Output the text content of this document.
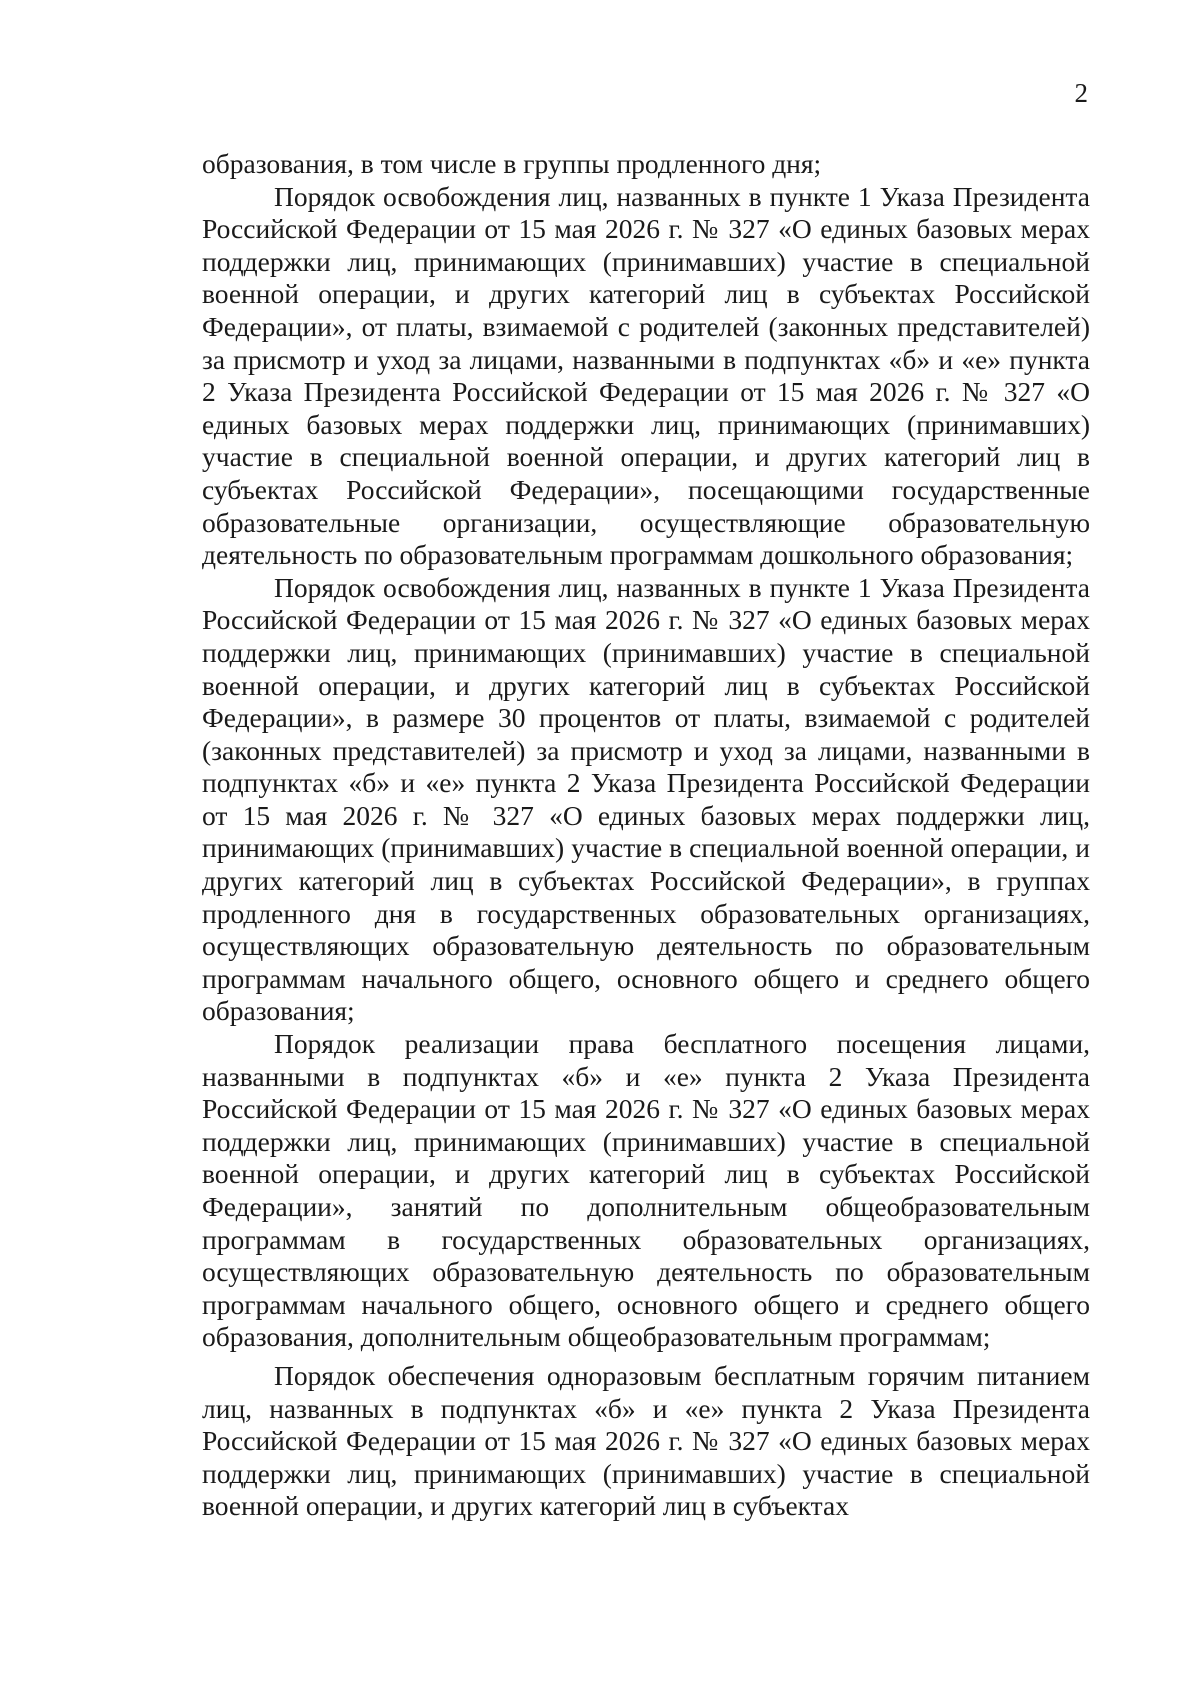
2

образования, в том числе в группы продленного дня;

Порядок освобождения лиц, названных в пункте 1 Указа Президента Российской Федерации от 15 мая 2026 г. № 327 «О единых базовых мерах поддержки лиц, принимающих (принимавших) участие в специальной военной операции, и других категорий лиц в субъектах Российской Федерации», от платы, взимаемой с родителей (законных представителей) за присмотр и уход за лицами, названными в подпунктах «б» и «е» пункта 2 Указа Президента Российской Федерации от 15 мая 2026 г. № 327 «О единых базовых мерах поддержки лиц, принимающих (принимавших) участие в специальной военной операции, и других категорий лиц в субъектах Российской Федерации», посещающими государственные образовательные организации, осуществляющие образовательную деятельность по образовательным программам дошкольного образования;

Порядок освобождения лиц, названных в пункте 1 Указа Президента Российской Федерации от 15 мая 2026 г. № 327 «О единых базовых мерах поддержки лиц, принимающих (принимавших) участие в специальной военной операции, и других категорий лиц в субъектах Российской Федерации», в размере 30 процентов от платы, взимаемой с родителей (законных представителей) за присмотр и уход за лицами, названными в подпунктах «б» и «е» пункта 2 Указа Президента Российской Федерации от 15 мая 2026 г. № 327 «О единых базовых мерах поддержки лиц, принимающих (принимавших) участие в специальной военной операции, и других категорий лиц в субъектах Российской Федерации», в группах продленного дня в государственных образовательных организациях, осуществляющих образовательную деятельность по образовательным программам начального общего, основного общего и среднего общего образования;

Порядок реализации права бесплатного посещения лицами, названными в подпунктах «б» и «е» пункта 2 Указа Президента Российской Федерации от 15 мая 2026 г. № 327 «О единых базовых мерах поддержки лиц, принимающих (принимавших) участие в специальной военной операции, и других категорий лиц в субъектах Российской Федерации», занятий по дополнительным общеобразовательным программам в государственных образовательных организациях, осуществляющих образовательную деятельность по образовательным программам начального общего, основного общего и среднего общего образования, дополнительным общеобразовательным программам;

Порядок обеспечения одноразовым бесплатным горячим питанием лиц, названных в подпунктах «б» и «е» пункта 2 Указа Президента Российской Федерации от 15 мая 2026 г. № 327 «О единых базовых мерах поддержки лиц, принимающих (принимавших) участие в специальной военной операции, и других категорий лиц в субъектах
